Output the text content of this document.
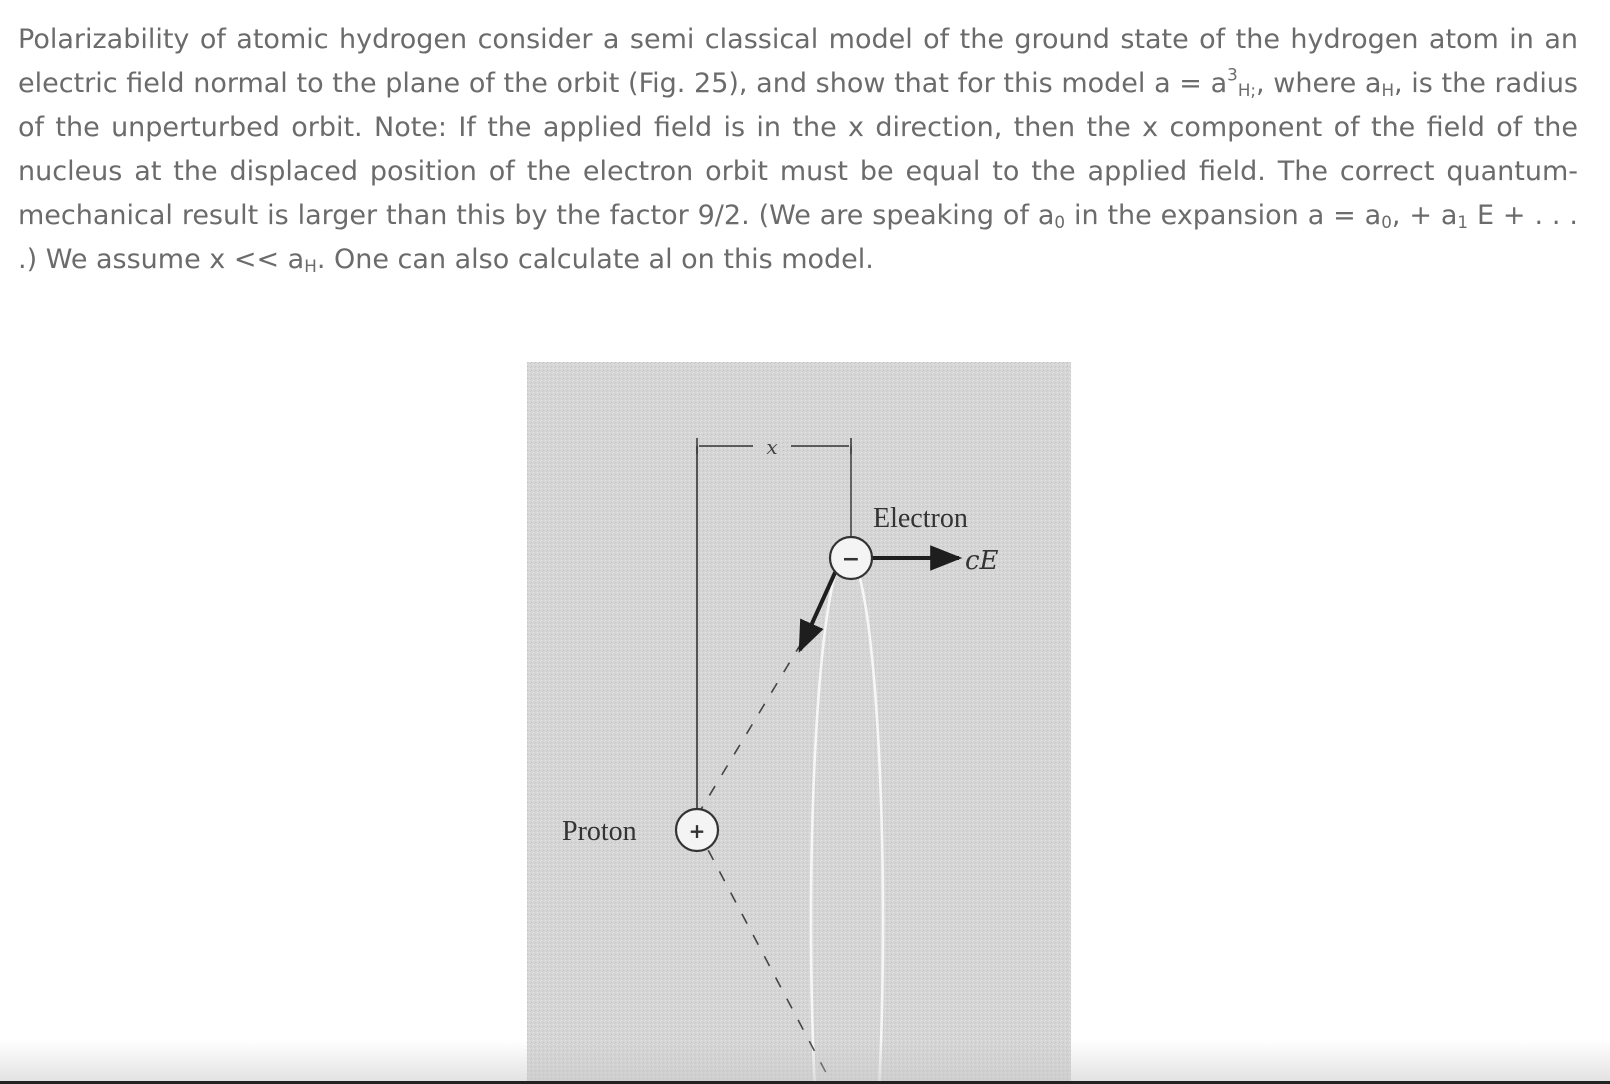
Polarizability of atomic hydrogen consider a semi classical model of the ground state of the hydrogen atom in an electric field normal to the plane of the orbit (Fig. 25), and show that for this model $a = a^3_{H;}$, where $a_H$, is the radius of the unperturbed orbit. Note: If the applied field is in the x direction, then the x component of the field of the nucleus at the displaced position of the electron orbit must be equal to the applied field. The correct quantum-mechanical result is larger than this by the factor 9/2. (We are speaking of $a_0$ in the expansion $a = a_0$, + $a_1$ E + . . . .) We assume $x << a_H$. One can also calculate al on this model.

x
−
Electron
cE
+
Proton
